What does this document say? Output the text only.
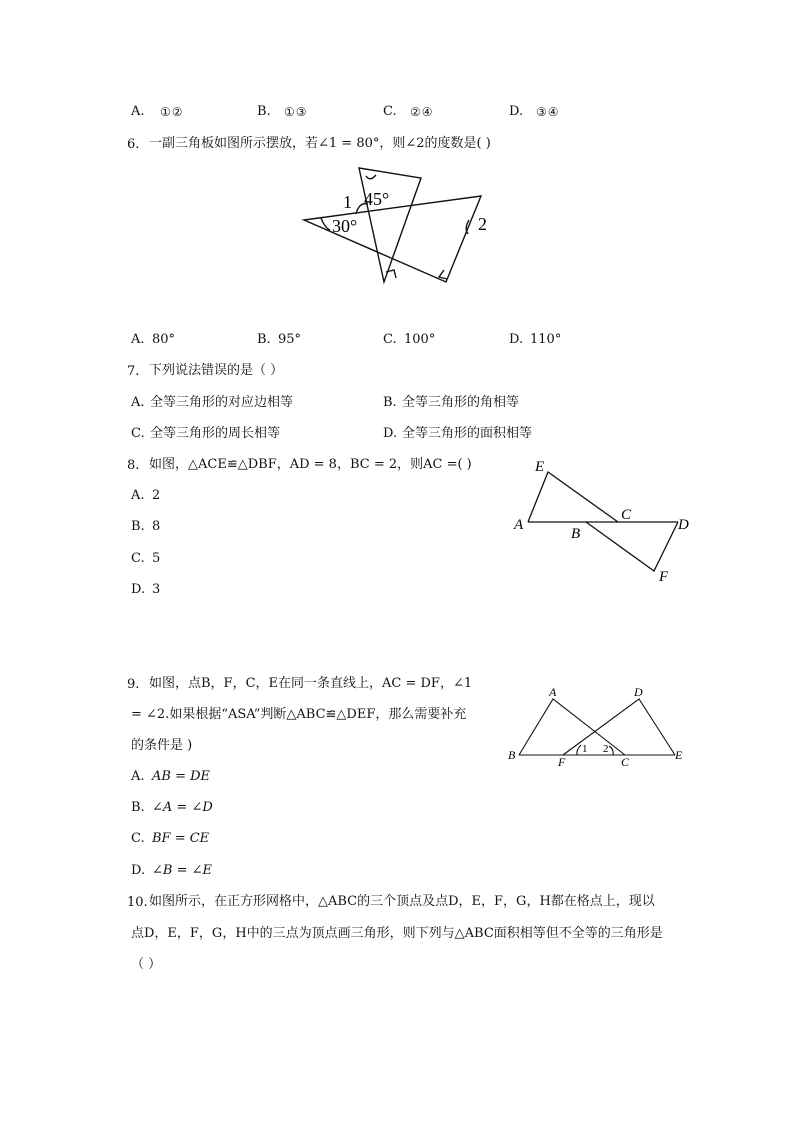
A. ①②	B. ①③	C. ②④	D. ③④
6. 一副三角板如图所示摆放，若∠1 = 80°，则∠2的度数是( )
1 45°
30°	2
A. 80°	B. 95°	C. 100°	D. 110°
7. 下列说法错误的是（ ）
A. 全等三角形的对应边相等	B. 全等三角形的角相等
C. 全等三角形的周长相等	D. 全等三角形的面积相等
8. 如图，△ACE≌△DBF，AD = 8，BC = 2，则AC =( )
A. 2
B. 8
C. 5
D. 3
E
A
B
C
D
F
9. 如图，点B，F，C，E在同一条直线上，AC = DF，∠1
= ∠2.如果根据“ASA”判断△ABC≌△DEF，那么需要补充
的条件是 )
A. AB = DE
B. ∠A = ∠D
C. BF = CE
D. ∠B = ∠E
A	D
B	F	C	E
1 2
10. 如图所示，在正方形网格中，△ABC的三个顶点及点D，E，F，G，H都在格点上，现以
点D，E，F，G，H中的三点为顶点画三角形，则下列与△ABC面积相等但不全等的三角形是
（ ）
